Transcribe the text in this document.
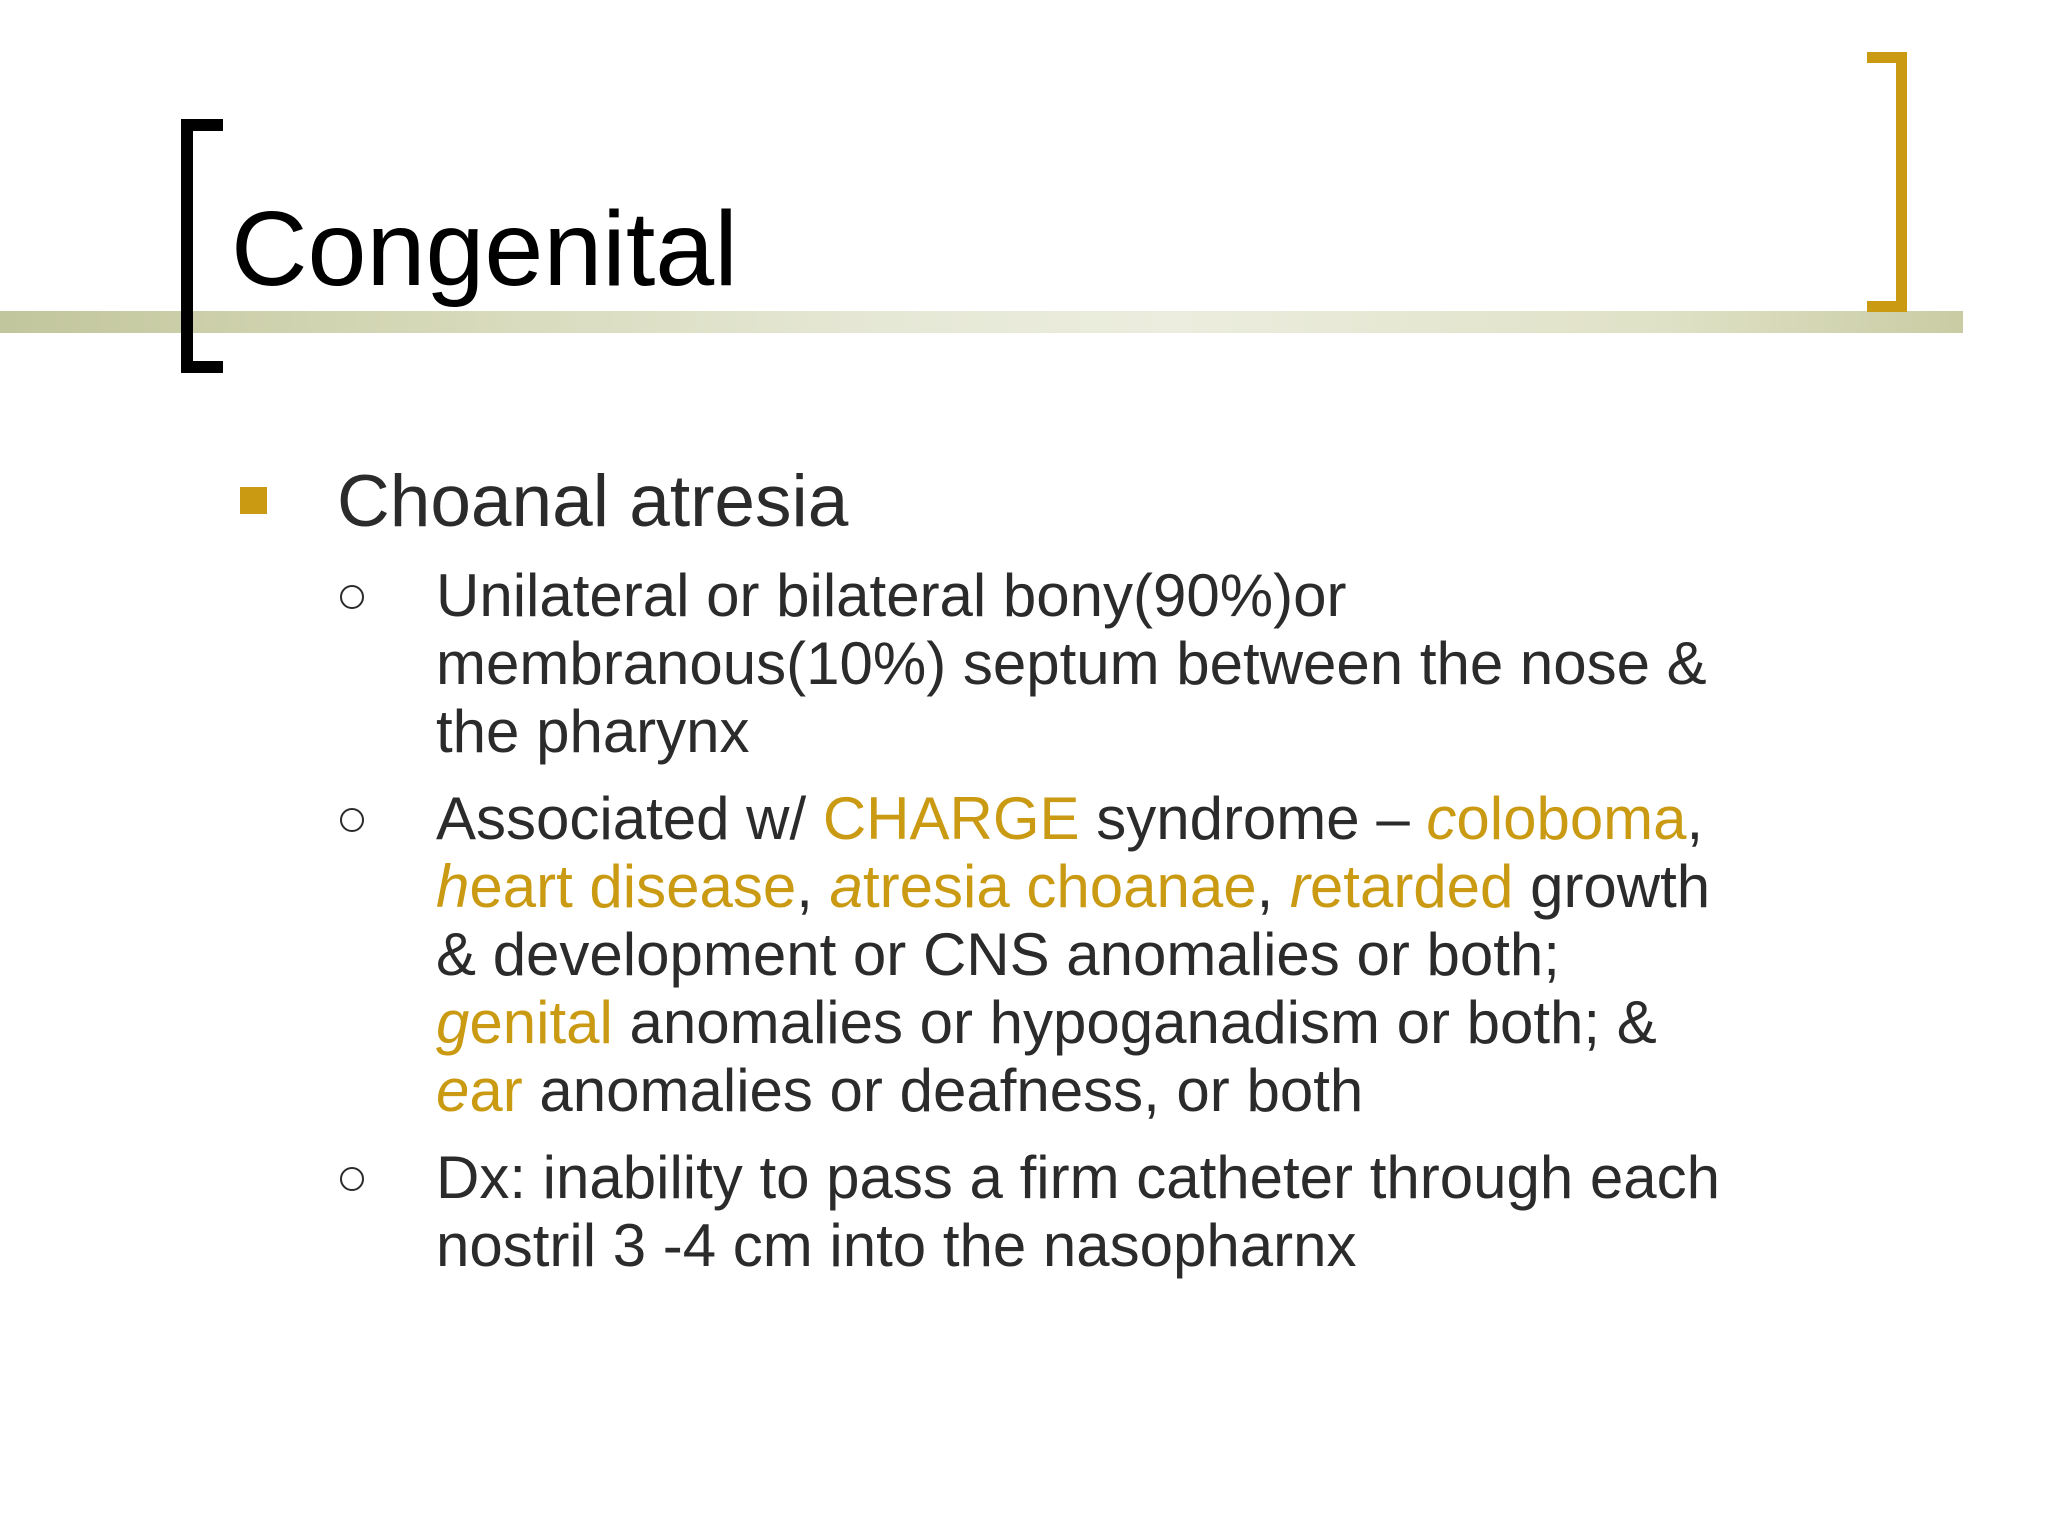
Congenital

Choanal atresia

Unilateral or bilateral bony(90%)or
membranous(10%) septum between the nose &
the pharynx
Associated w/ CHARGE syndrome – coloboma,
heart disease, atresia choanae, retarded growth
& development or CNS anomalies or both;
genital anomalies or hypoganadism or both; &
ear anomalies or deafness, or both
Dx: inability to pass a firm catheter through each
nostril 3 -4 cm into the nasopharnx
